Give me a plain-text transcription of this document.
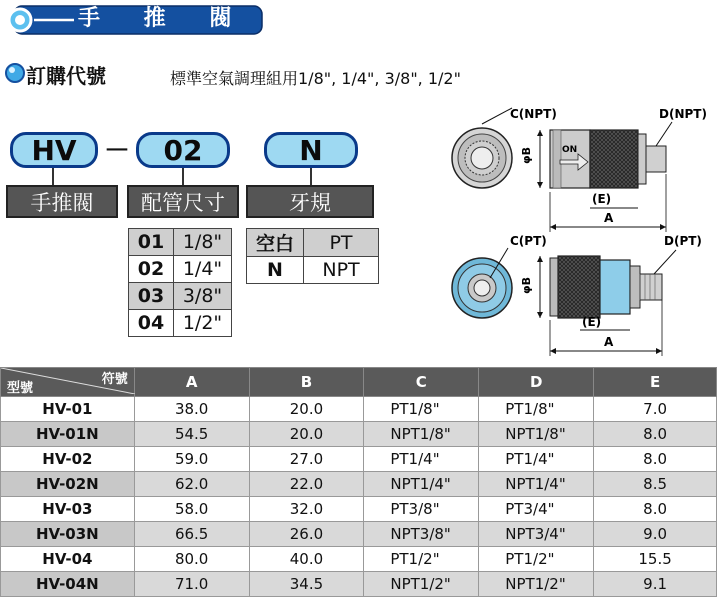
手 推 閥
訂購代號	標準空氣調理組用1/8", 1/4", 3/8", 1/2"
HV	－	02	N
手推閥	配管尺寸	牙規
01	1/8"
02	1/4"
03	3/8"
04	1/2"
空白	PT
N	NPT
C(NPT)
ON
D(NPT)
φB
(E)
A
C(PT)	D(PT)
φB
(E)
A
符號
型號	A	B	C	D	E
HV-01	38.0	20.0	PT1/8"	PT1/8"	7.0
HV-01N	54.5	20.0	NPT1/8"	NPT1/8"	8.0
HV-02	59.0	27.0	PT1/4"	PT1/4"	8.0
HV-02N	62.0	22.0	NPT1/4"	NPT1/4"	8.5
HV-03	58.0	32.0	PT3/8"	PT3/4"	8.0
HV-03N	66.5	26.0	NPT3/8"	NPT3/4"	9.0
HV-04	80.0	40.0	PT1/2"	PT1/2"	15.5
HV-04N	71.0	34.5	NPT1/2"	NPT1/2"	9.1
